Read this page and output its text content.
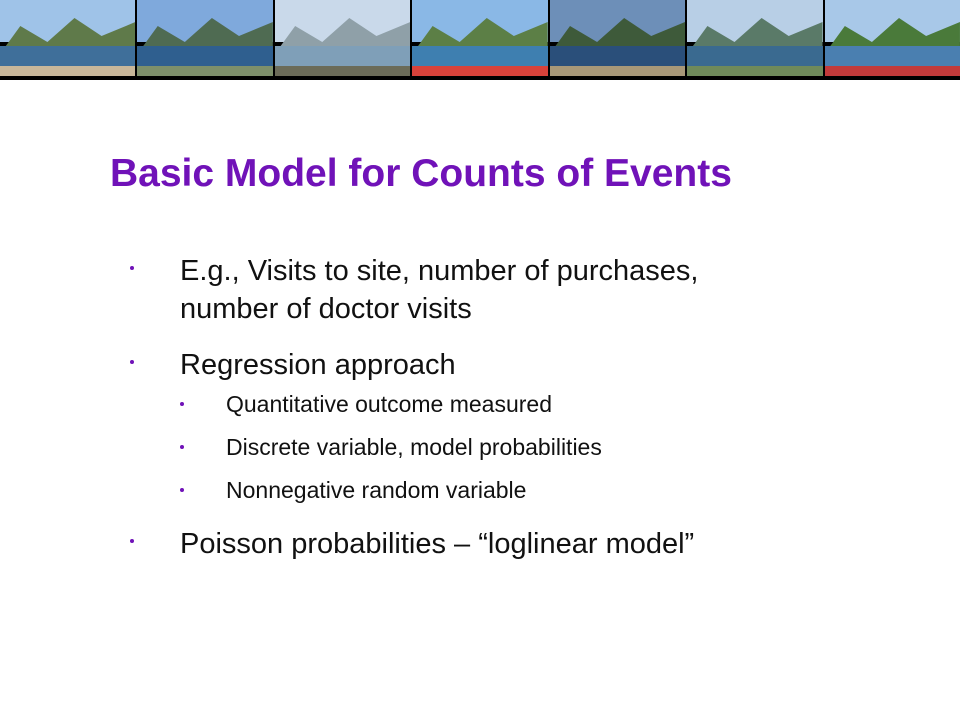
Basic Model for Counts of Events
E.g., Visits to site, number of purchases, number of doctor visits
Regression approach
Quantitative outcome measured
Discrete variable, model probabilities
Nonnegative random variable
Poisson probabilities – “loglinear model”
